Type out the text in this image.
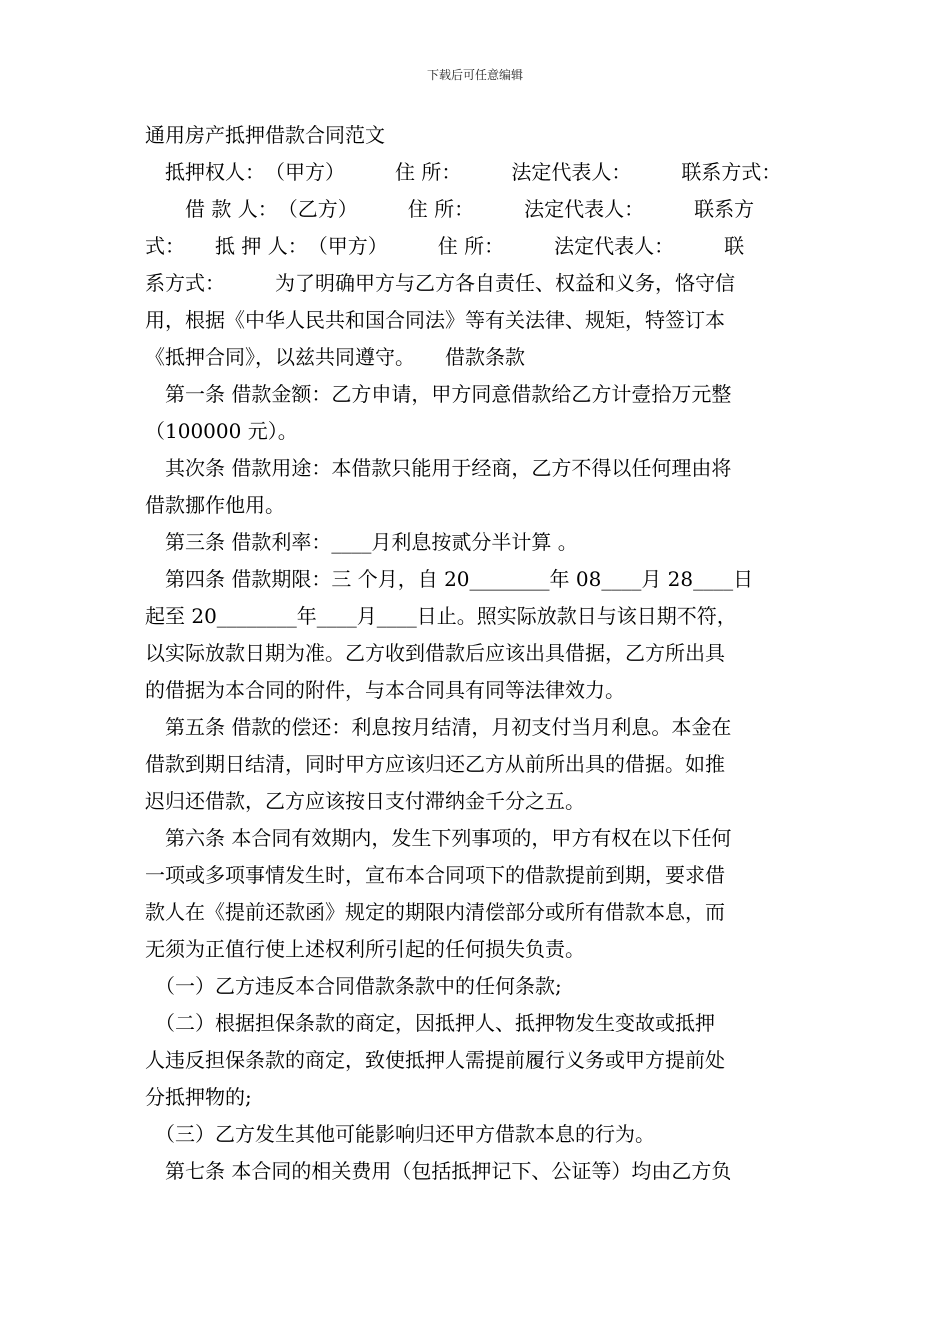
下载后可任意编辑
通用房产抵押借款合同范文
　抵押权人：　（甲方）　　　住 所：　　　法定代表人：　　　联系方式：
　　借 款 人：　（乙方）　　　住 所：　　　法定代表人：　　　联系方
式：　　抵 押 人：　（甲方）　　　住 所：　　　法定代表人：　　　联
系方式：　　　为了明确甲方与乙方各自责任、权益和义务，恪守信
用，根据《中华人民共和国合同法》等有关法律、规矩，特签订本
《抵押合同》，以兹共同遵守。　　借款条款
　第一条 借款金额：乙方申请，甲方同意借款给乙方计壹拾万元整
（100000 元）。
　其次条 借款用途：本借款只能用于经商，乙方不得以任何理由将
借款挪作他用。
　第三条 借款利率：____月利息按贰分半计算 。
　第四条 借款期限：三 个月，自 20________年 08____月 28____日
起至 20________年____月____日止。照实际放款日与该日期不符，
以实际放款日期为准。乙方收到借款后应该出具借据，乙方所出具
的借据为本合同的附件，与本合同具有同等法律效力。
　第五条 借款的偿还：利息按月结清，月初支付当月利息。本金在
借款到期日结清，同时甲方应该归还乙方从前所出具的借据。如推
迟归还借款，乙方应该按日支付滞纳金千分之五。
　第六条 本合同有效期内，发生下列事项的，甲方有权在以下任何
一项或多项事情发生时，宣布本合同项下的借款提前到期，要求借
款人在《提前还款函》规定的期限内清偿部分或所有借款本息，而
无须为正值行使上述权利所引起的任何损失负责。
　（一）乙方违反本合同借款条款中的任何条款;
　（二）根据担保条款的商定，因抵押人、抵押物发生变故或抵押
人违反担保条款的商定，致使抵押人需提前履行义务或甲方提前处
分抵押物的;
　（三）乙方发生其他可能影响归还甲方借款本息的行为。
　第七条 本合同的相关费用（包括抵押记下、公证等）均由乙方负
